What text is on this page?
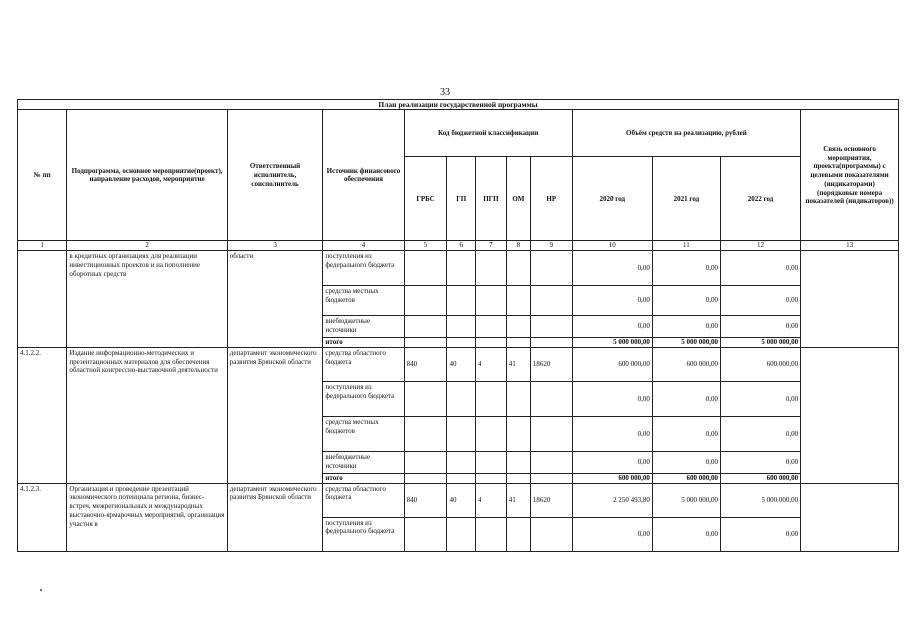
33
План реализации государственной программы												
№ пп	Подпрограмма, основное мероприятие(проект), направление расходов, мероприятие	Ответственный исполнитель, соисполнитель	Источник финансового обеспечения	Код бюджетной классификации					Объём средств на реализацию, рублей			Связь основного мероприятия, проекта(программы) с целевыми показателями (индикаторами) (порядковые номера показателей (индикаторов))
				ГРБС	ГП	ПГП	ОМ	НР	2020 год	2021 год	2022 год	
1	2	3	4	5	6	7	8	9	10	11	12	13
	в кредитных организациях для реализации инвестиционных проектов и на пополнение оборотных средств	области	поступления из федерального бюджета						0,00	0,00	0,00	
			средства местных бюджетов						0,00	0,00	0,00	
			внебюджетные источники						0,00	0,00	0,00	
			итого						5 000 000,00	5 000 000,00	5 000 000,00	
4.1.2.2.	Издание информационно-методических и презентационных материалов для обеспечения областной конгрессно-выставочной деятельности	департамент экономического развития Брянской области	средства областного бюджета	840	40	4	41	18620	600 000,00	600 000,00	600 000,00	
			поступления из федерального бюджета						0,00	0,00	0,00	
			средства местных бюджетов						0,00	0,00	0,00	
			внебюджетные источники						0,00	0,00	0,00	
			итого						600 000,00	600 000,00	600 000,00	
4.1.2.3.	Организация и проведение презентаций экономического потенциала региона, бизнес-встреч, межрегиональных и международных выставочно-ярмарочных мероприятий, организация участия в	департамент экономического развития Брянской области	средства областного бюджета	840	40	4	41	18620	2 250 493,80	5 000 000,00	5 000 000,00	
			поступления из федерального бюджета						0,00	0,00	0,00	
